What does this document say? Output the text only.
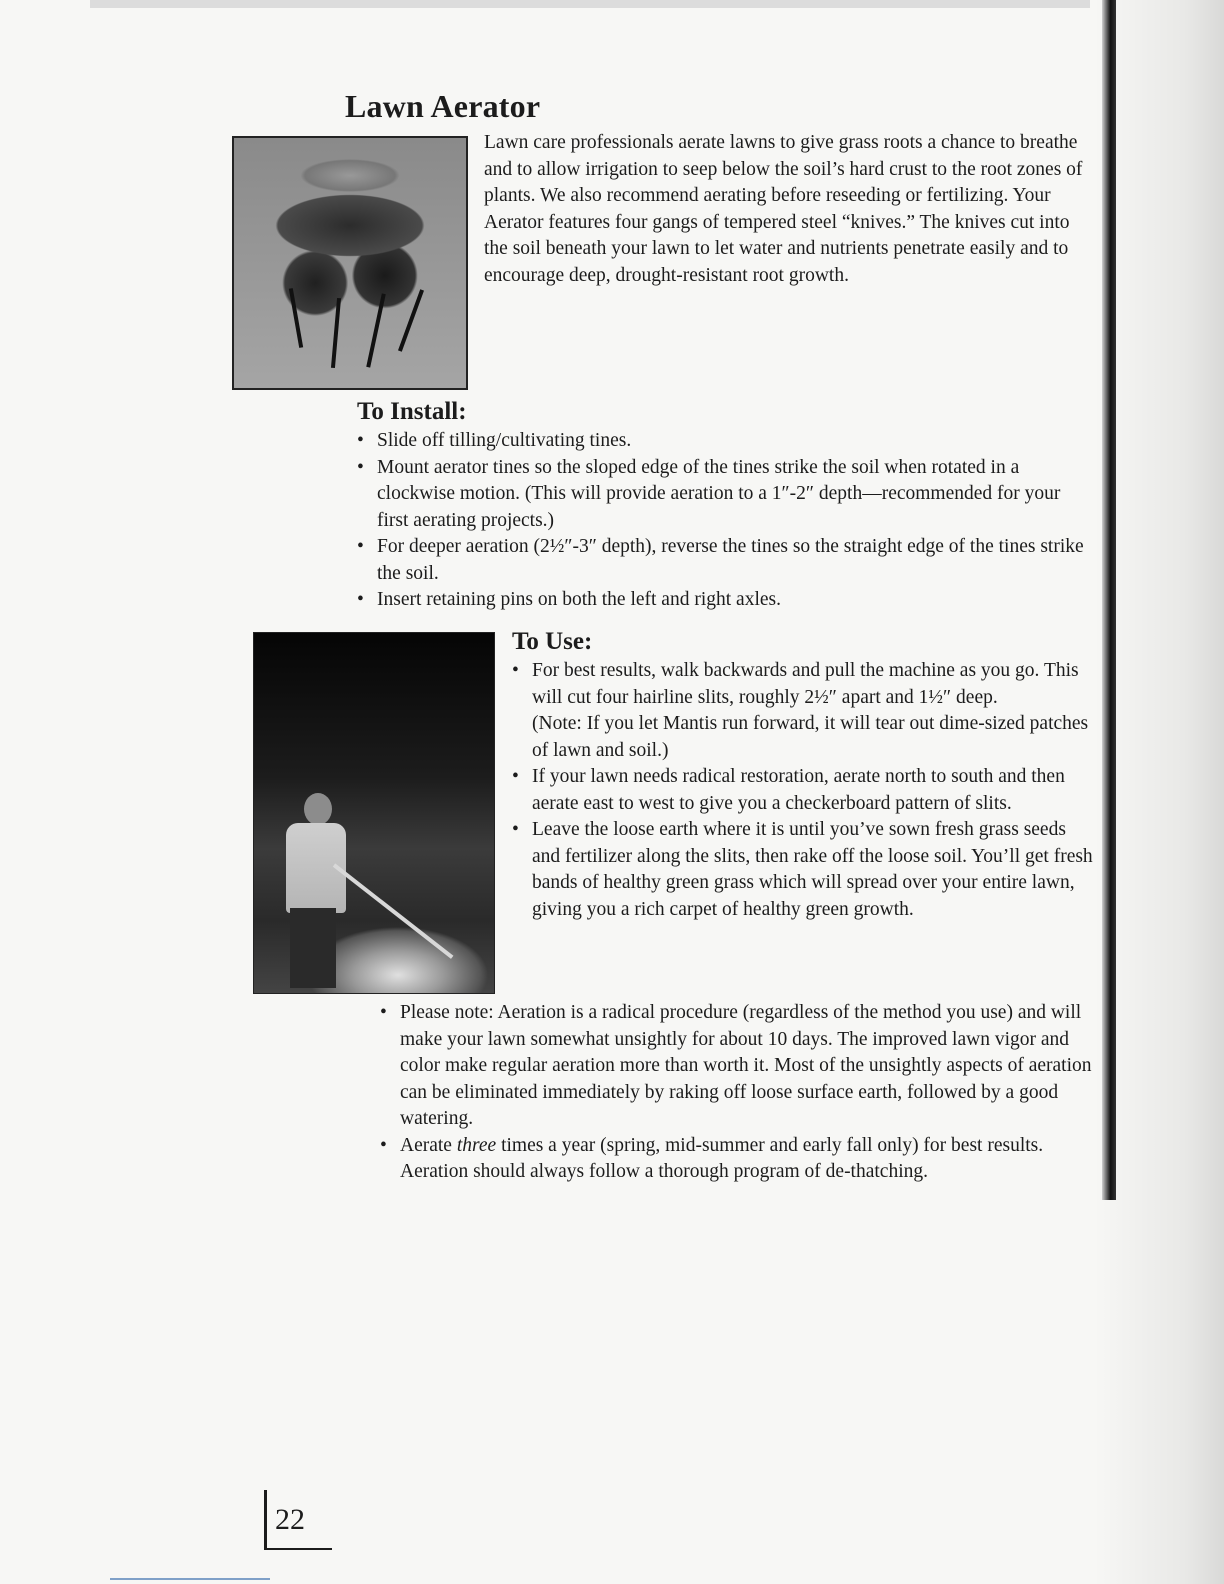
Lawn Aerator

Lawn care professionals aerate lawns to give grass roots a chance to breathe and to allow irrigation to seep below the soil’s hard crust to the root zones of plants. We also recommend aerating before reseeding or fertilizing. Your Aerator features four gangs of tempered steel “knives.” The knives cut into the soil beneath your lawn to let water and nutrients penetrate easily and to encourage deep, drought-resistant root growth.

To Install:
• Slide off tilling/cultivating tines.
• Mount aerator tines so the sloped edge of the tines strike the soil when rotated in a clockwise motion. (This will provide aeration to a 1″-2″ depth—recommended for your first aerating projects.)
• For deeper aeration (2½″-3″ depth), reverse the tines so the straight edge of the tines strike the soil.
• Insert retaining pins on both the left and right axles.
To Use:
• For best results, walk backwards and pull the machine as you go. This will cut four hairline slits, roughly 2½″ apart and 1½″ deep.
(Note: If you let Mantis run forward, it will tear out dime-sized patches of lawn and soil.)
• If your lawn needs radical restoration, aerate north to south and then aerate east to west to give you a checkerboard pattern of slits.
• Leave the loose earth where it is until you’ve sown fresh grass seeds and fertilizer along the slits, then rake off the loose soil. You’ll get fresh bands of healthy green grass which will spread over your entire lawn, giving you a rich carpet of healthy green growth.
• Please note: Aeration is a radical procedure (regardless of the method you use) and will make your lawn somewhat unsightly for about 10 days. The improved lawn vigor and color make regular aeration more than worth it. Most of the unsightly aspects of aeration can be eliminated immediately by raking off loose surface earth, followed by a good watering.
• Aerate three times a year (spring, mid-summer and early fall only) for best results. Aeration should always follow a thorough program of de-thatching.
22
